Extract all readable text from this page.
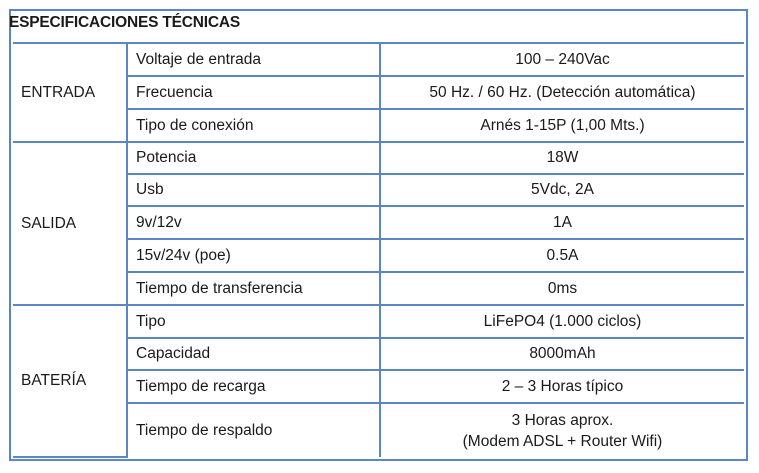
ESPECIFICACIONES TÉCNICAS
ENTRADA	Voltaje de entrada	100 – 240Vac
	Frecuencia	50 Hz. / 60 Hz. (Detección automática)
	Tipo de conexión	Arnés 1-15P (1,00 Mts.)
SALIDA	Potencia	18W
	Usb	5Vdc, 2A
	9v/12v	1A
	15v/24v (poe)	0.5A
	Tiempo de transferencia	0ms
BATERÍA	Tipo	LiFePO4 (1.000 ciclos)
	Capacidad	8000mAh
	Tiempo de recarga	2 – 3 Horas típico
	Tiempo de respaldo	3 Horas aprox.
(Modem ADSL + Router Wifi)
